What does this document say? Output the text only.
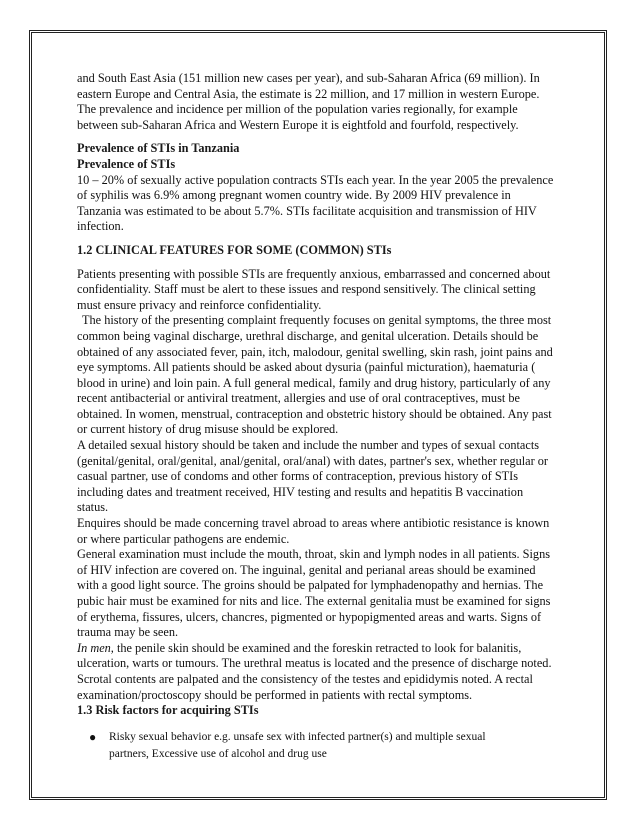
and South East Asia (151 million new cases per year), and sub-Saharan Africa (69 million). In

eastern Europe and Central Asia, the estimate is 22 million, and 17 million in western Europe.

The prevalence and incidence per million of the population varies regionally, for example

between sub-Saharan Africa and Western Europe it is eightfold and fourfold, respectively.

Prevalence of STIs in Tanzania

Prevalence of STIs

10 – 20% of sexually active population contracts STIs each year. In the year 2005 the prevalence

of syphilis was 6.9% among pregnant women country wide. By 2009 HIV prevalence in

Tanzania was estimated to be about 5.7%. STIs facilitate acquisition and transmission of HIV

infection.

1.2 CLINICAL FEATURES FOR SOME (COMMON) STIs

Patients presenting with possible STIs are frequently anxious, embarrassed and concerned about

confidentiality. Staff must be alert to these issues and respond sensitively. The clinical setting

must ensure privacy and reinforce confidentiality.

The history of the presenting complaint frequently focuses on genital symptoms, the three most

common being vaginal discharge, urethral discharge, and genital ulceration. Details should be

obtained of any associated fever, pain, itch, malodour, genital swelling, skin rash, joint pains and

eye symptoms. All patients should be asked about dysuria (painful micturation), haematuria (

blood in urine) and loin pain. A full general medical, family and drug history, particularly of any

recent antibacterial or antiviral treatment, allergies and use of oral contraceptives, must be

obtained. In women, menstrual, contraception and obstetric history should be obtained. Any past

or current history of drug misuse should be explored.

A detailed sexual history should be taken and include the number and types of sexual contacts

(genital/genital, oral/genital, anal/genital, oral/anal) with dates, partner's sex, whether regular or

casual partner, use of condoms and other forms of contraception, previous history of STIs

including dates and treatment received, HIV testing and results and hepatitis B vaccination

status.

Enquires should be made concerning travel abroad to areas where antibiotic resistance is known

or where particular pathogens are endemic.

General examination must include the mouth, throat, skin and lymph nodes in all patients. Signs

of HIV infection are covered on. The inguinal, genital and perianal areas should be examined

with a good light source. The groins should be palpated for lymphadenopathy and hernias. The

pubic hair must be examined for nits and lice. The external genitalia must be examined for signs

of erythema, fissures, ulcers, chancres, pigmented or hypopigmented areas and warts. Signs of

trauma may be seen.

In men, the penile skin should be examined and the foreskin retracted to look for balanitis,

ulceration, warts or tumours. The urethral meatus is located and the presence of discharge noted.

Scrotal contents are palpated and the consistency of the testes and epididymis noted. A rectal

examination/proctoscopy should be performed in patients with rectal symptoms.

1.3 Risk factors for acquiring STIs

● Risky sexual behavior e.g. unsafe sex with infected partner(s) and multiple sexual
partners, Excessive use of alcohol and drug use
